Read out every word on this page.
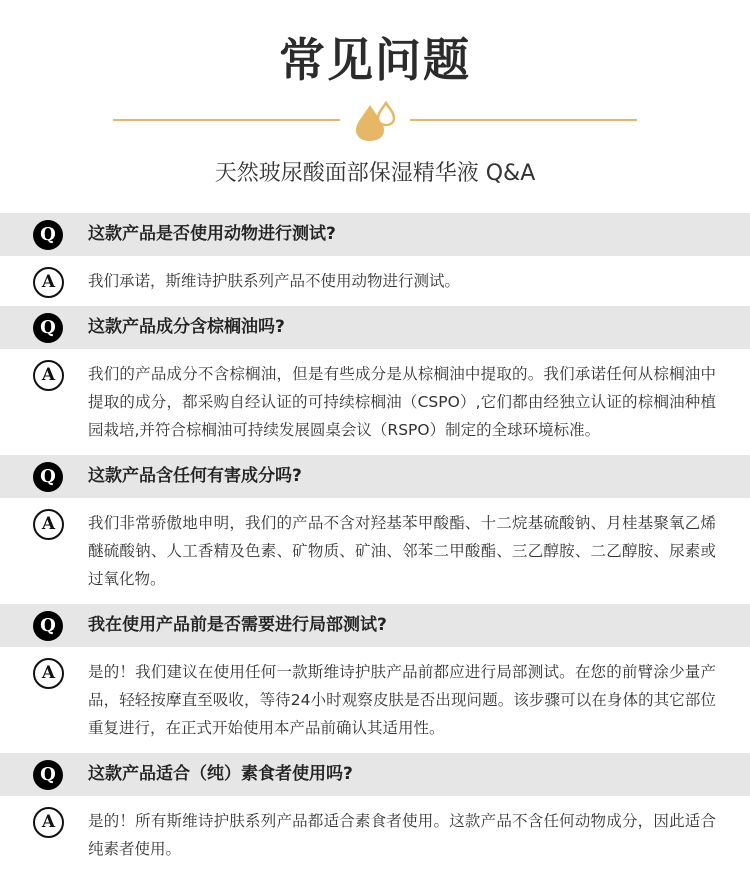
常见问题
天然玻尿酸面部保湿精华液 Q&A
Q	这款产品是否使用动物进行测试?
A	我们承诺，斯维诗护肤系列产品不使用动物进行测试。

Q	这款产品成分含棕榈油吗?
A	我们的产品成分不含棕榈油，但是有些成分是从棕榈油中提取的。我们承诺任何从棕榈油中提取的成分，都采购自经认证的可持续棕榈油（CSPO）,它们都由经独立认证的棕榈油种植园栽培,并符合棕榈油可持续发展圆桌会议（RSPO）制定的全球环境标准。

Q	这款产品含任何有害成分吗?
A	我们非常骄傲地申明，我们的产品不含对羟基苯甲酸酯、十二烷基硫酸钠、月桂基聚氧乙烯醚硫酸钠、人工香精及色素、矿物质、矿油、邻苯二甲酸酯、三乙醇胺、二乙醇胺、尿素或过氧化物。

Q	我在使用产品前是否需要进行局部测试?
A	是的！我们建议在使用任何一款斯维诗护肤产品前都应进行局部测试。在您的前臂涂少量产品，轻轻按摩直至吸收，等待24小时观察皮肤是否出现问题。该步骤可以在身体的其它部位重复进行，在正式开始使用本产品前确认其适用性。

Q	这款产品适合（纯）素食者使用吗?
A	是的！所有斯维诗护肤系列产品都适合素食者使用。这款产品不含任何动物成分，因此适合纯素者使用。
